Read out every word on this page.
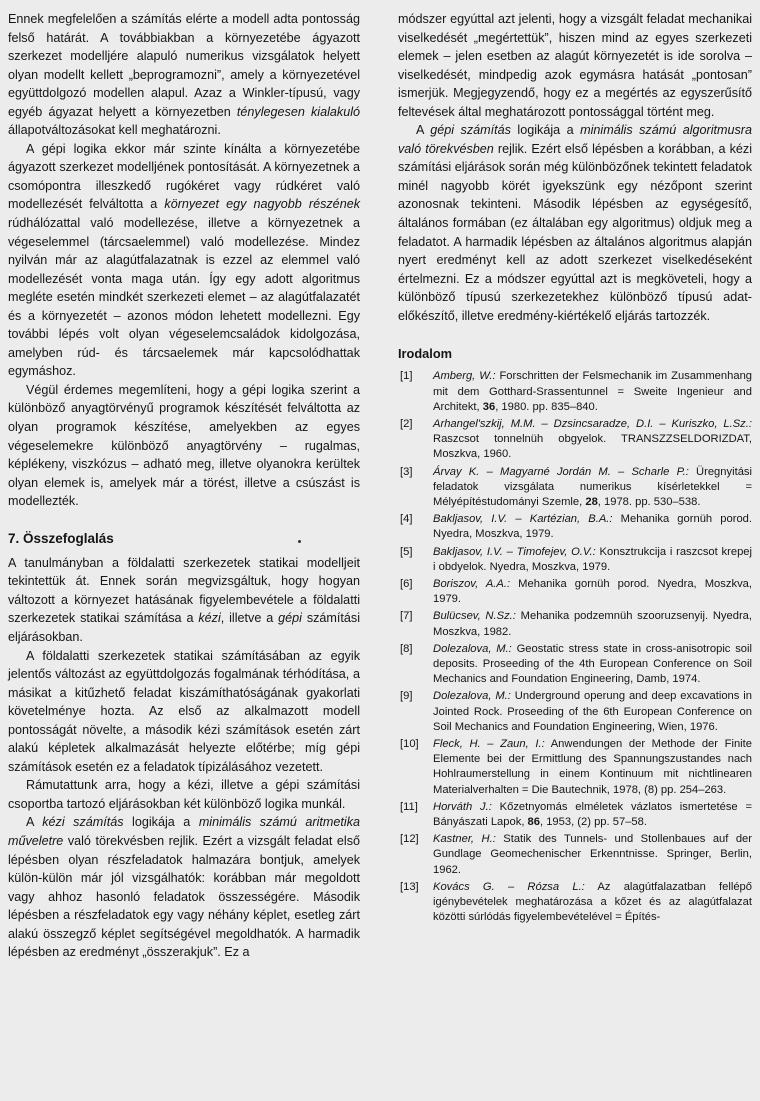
Ennek megfelelően a számítás elérte a modell adta pontosság felső határát. A továbbiakban a környezetébe ágyazott szerkezet modelljére alapuló numerikus vizsgálatok helyett olyan modellt kellett „beprogramozni”, amely a környezetével együttdolgozó modellen alapul. Azaz a Winkler-típusú, vagy egyéb ágyazat helyett a környezetben ténylegesen kialakuló állapotváltozásokat kell meghatározni.

A gépi logika ekkor már szinte kínálta a környezetébe ágyazott szerkezet modelljének pontosítását. A környezetnek a csomópontra illeszkedő rugókéret vagy rúdkéret való modellezését felváltotta a környezet egy nagyobb részének rúdhálózattal való modellezése, illetve a környezetnek a végeselemmel (tárcsaelemmel) való modellezése. Mindez nyilván már az alagútfalazatnak is ezzel az elemmel való modellezését vonta maga után. Így egy adott algoritmus megléte esetén mindkét szerkezeti elemet – az alagútfalazatét és a környezetét – azonos módon lehetett modellezni. Egy további lépés volt olyan végeselemcsaládok kidolgozása, amelyben rúd- és tárcsaelemek már kapcsolódhattak egymáshoz.

Végül érdemes megemlíteni, hogy a gépi logika szerint a különböző anyagtörvényű programok készítését felváltotta az olyan programok készítése, amelyekben az egyes végeselemekre különböző anyagtörvény – rugalmas, képlékeny, viszkózus – adható meg, illetve olyanokra kerültek olyan elemek is, amelyek már a törést, illetve a csúszást is modellezték.

7. Összefoglalás

A tanulmányban a földalatti szerkezetek statikai modelljeit tekintettük át. Ennek során megvizsgáltuk, hogy hogyan változott a környezet hatásának figyelembevétele a földalatti szerkezetek statikai számítása a kézi, illetve a gépi számítási eljárásokban.

A földalatti szerkezetek statikai számításában az egyik jelentős változást az együttdolgozás fogalmának térhódítása, a másikat a kitűzhető feladat kiszámíthatóságának gyakorlati követelménye hozta. Az első az alkalmazott modell pontosságát növelte, a második kézi számítások esetén zárt alakú képletek alkalmazását helyezte előtérbe; míg gépi számítások esetén ez a feladatok típizálásához vezetett.

Rámutattunk arra, hogy a kézi, illetve a gépi számítási csoportba tartozó eljárásokban két különböző logika munkál.

A kézi számítás logikája a minimális számú aritmetika műveletre való törekvésben rejlik. Ezért a vizsgált feladat első lépésben olyan részfeladatok halmazára bontjuk, amelyek külön-külön már jól vizsgálhatók: korábban már megoldott vagy ahhoz hasonló feladatok összességére. Második lépésben a részfeladatok egy vagy néhány képlet, esetleg zárt alakú összegző képlet segítségével megoldhatók. A harmadik lépésben az eredményt „összerakjuk”. Ez a

módszer egyúttal azt jelenti, hogy a vizsgált feladat mechanikai viselkedését „megértettük”, hiszen mind az egyes szerkezeti elemek – jelen esetben az alagút környezetét is ide sorolva – viselkedését, mindpedig azok egymásra hatását „pontosan” ismerjük. Megjegyzendő, hogy ez a megértés az egyszerűsítő feltevések által meghatározott pontossággal történt meg.

A gépi számítás logikája a minimális számú algoritmusra való törekvésben rejlik. Ezért első lépésben a korábban, a kézi számítási eljárások során még különbözőnek tekintett feladatok minél nagyobb körét igyekszünk egy nézőpont szerint azonosnak tekinteni. Második lépésben az egységesítő, általános formában (ez általában egy algoritmus) oldjuk meg a feladatot. A harmadik lépésben az általános algoritmus alapján nyert eredményt kell az adott szerkezet viselkedéseként értelmezni. Ez a módszer egyúttal azt is megköveteli, hogy a különböző típusú szerkezetekhez különböző típusú adat-előkészítő, illetve eredmény-kiértékelő eljárás tartozzék.

Irodalom
[1] Amberg, W.: Forschritten der Felsmechanik im Zusammenhang mit dem Gotthard-Srassentunnel = Sweite Ingenieur and Architekt, 36, 1980. pp. 835–840.
[2] Arhangel'szkij, M.M. – Dzsincsaradze, D.I. – Kuriszko, L.Sz.: Raszcsot tonnelnüh obgyelok. TRANSZZSELDORIZDAT, Moszkva, 1960.
[3] Árvay K. – Magyarné Jordán M. – Scharle P.: Üregnyitási feladatok vizsgálata numerikus kísérletekkel = Mélyépítéstudományi Szemle, 28, 1978. pp. 530–538.
[4] Bakljasov, I.V. – Kartézian, B.A.: Mehanika gornüh porod. Nyedra, Moszkva, 1979.
[5] Bakljasov, I.V. – Timofejev, O.V.: Konsztrukcija i raszcsot krepej i obdyelok. Nyedra, Moszkva, 1979.
[6] Boriszov, A.A.: Mehanika gornüh porod. Nyedra, Moszkva, 1979.
[7] Bulücsev, N.Sz.: Mehanika podzemnüh szooruzsenyij. Nyedra, Moszkva, 1982.
[8] Dolezalova, M.: Geostatic stress state in cross-anisotropic soil deposits. Proseeding of the 4th European Conference on Soil Mechanics and Foundation Engineering, Damb, 1974.
[9] Dolezalova, M.: Underground operung and deep excavations in Jointed Rock. Proseeding of the 6th European Conference on Soil Mechanics and Foundation Engineering, Wien, 1976.
[10] Fleck, H. – Zaun, I.: Anwendungen der Methode der Finite Elemente bei der Ermittlung des Spannungszustandes nach Hohlraumerstellung in einem Kontinuum mit nichtlinearen Materialverhalten = Die Bautechnik, 1978, (8) pp. 254–263.
[11] Horváth J.: Kőzetnyomás elméletek vázlatos ismertetése = Bányászati Lapok, 86, 1953, (2) pp. 57–58.
[12] Kastner, H.: Statik des Tunnels- und Stollenbaues auf der Gundlage Geomechenischer Erkenntnisse. Springer, Berlin, 1962.
[13] Kovács G. – Rózsa L.: Az alagútfalazatban fellépő igénybevételek meghatározása a kőzet és az alagútfalazat közötti súrlódás figyelembevételével = Építés-
